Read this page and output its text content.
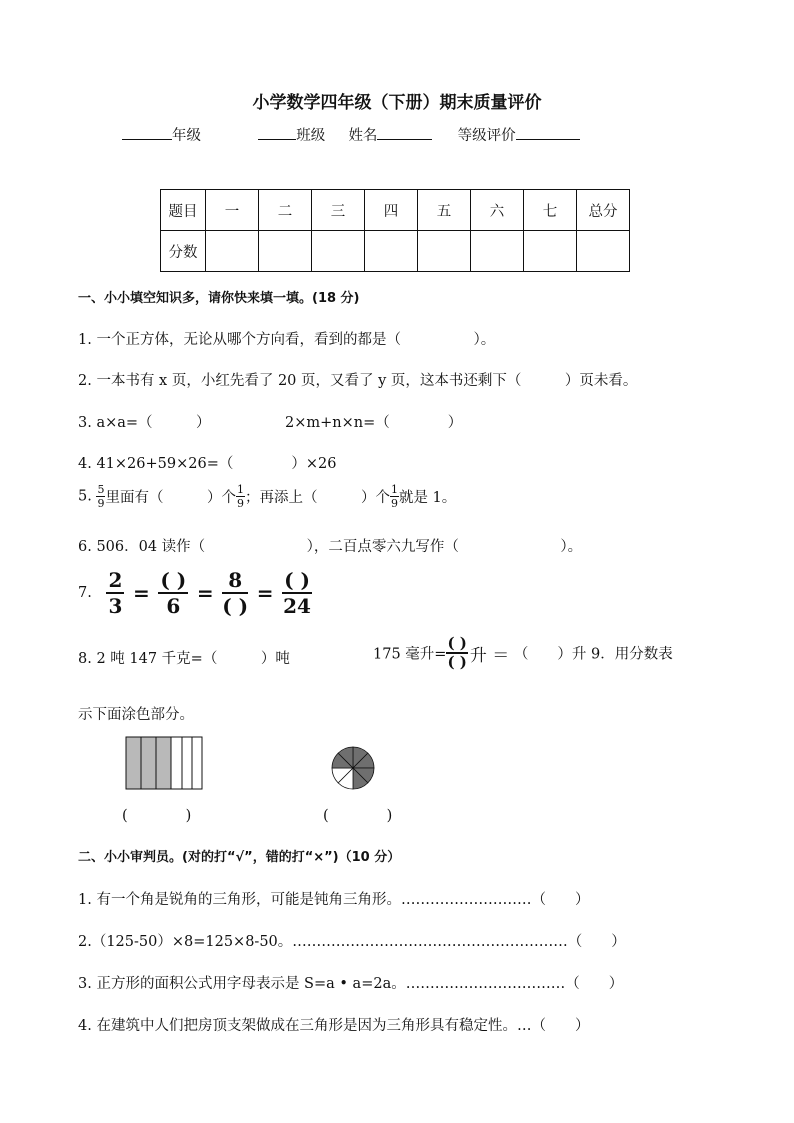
小学数学四年级（下册）期末质量评价
年级	班级 姓名	等级评价
题目	一	二	三	四	五	六	七	总分
分数								
一、小小填空知识多，请你快来填一填。(18 分)
1. 一个正方体，无论从哪个方向看，看到的都是（　　　　　）。
2. 一本书有 x 页，小红先看了 20 页，又看了 y 页，这本书还剩下（　　　）页未看。
3. a×a=（　　　）	2×m+n×n=（　　　　）
4. 41×26+59×26=（　　　　）×26
5. $\frac{5}{9}$ 里面有（　　　）个 $\frac{1}{9}$ ；再添上（　　　）个 $\frac{1}{9}$ 就是 1。
6. 506．04 读作（　　　　　　　），二百点零六九写作（　　　　　　　）。
7. $\frac{2}{3}$ =
( )
6
=
8
( )
=
( )
24
8. 2 吨 147 千克=（　　　）吨	175 毫升=
( )
( ) 升 ＝ （　　）升 9．用分数表
示下面涂色部分。
(　　　　)	(　　　　)
二、小小审判员。(对的打“√”，错的打“×”)（10 分）
1. 有一个角是锐角的三角形，可能是钝角三角形。………………………（　　）
2.（125-50）×8=125×8-50。…………………………………………………（　　）
3. 正方形的面积公式用字母表示是 S=a • a=2a。……………………………（　　）
4. 在建筑中人们把房顶支架做成在三角形是因为三角形具有稳定性。…（　　）
